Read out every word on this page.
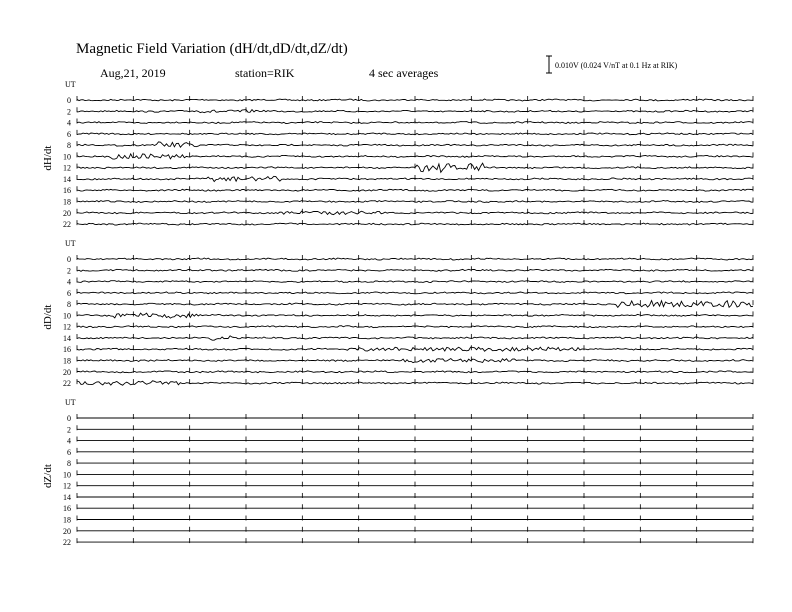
Magnetic Field Variation (dH/dt,dD/dt,dZ/dt)
Aug,21, 2019	station=RIK	4 sec averages
0.010V (0.024 V/nT at 0.1 Hz at RIK)
UT
dH/dt
0
2
4
6
8
10
12
14
16
18
20
22
UT
dD/dt
0
2
4
6
8
10
12
14
16
18
20
22
UT
dZ/dt
0
2
4
6
8
10
12
14
16
18
20
22
